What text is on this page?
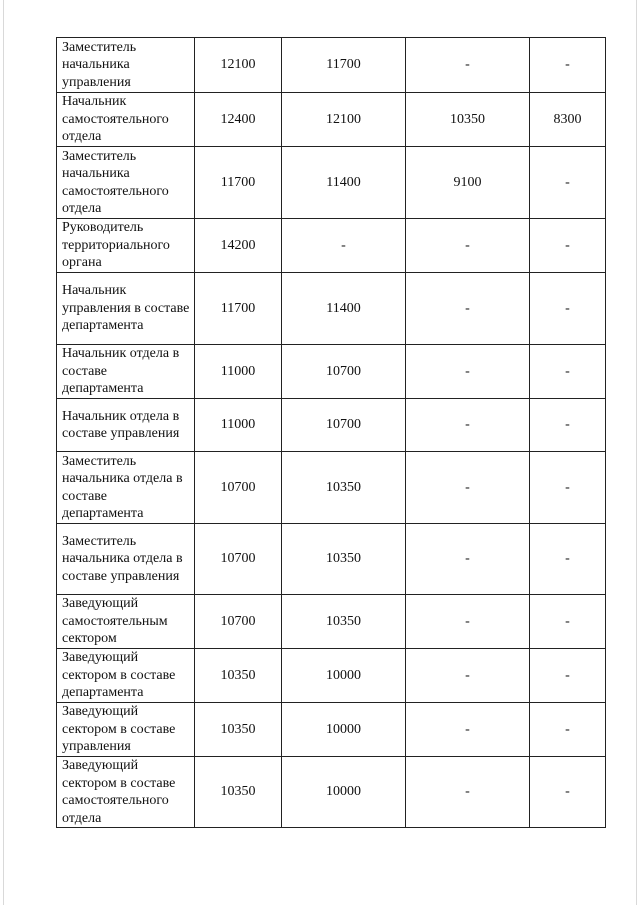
Заместитель начальника управления	12100	11700	-	-
Начальник самостоятельного отдела	12400	12100	10350	8300
Заместитель начальника самостоятельного отдела	11700	11400	9100	-
Руководитель территориального органа	14200	-	-	-
Начальник управления в составе департамента	11700	11400	-	-
Начальник отдела в составе департамента	11000	10700	-	-
Начальник отдела в составе управления	11000	10700	-	-
Заместитель начальника отдела в составе департамента	10700	10350	-	-
Заместитель начальника отдела в составе управления	10700	10350	-	-
Заведующий самостоятельным сектором	10700	10350	-	-
Заведующий сектором в составе департамента	10350	10000	-	-
Заведующий сектором в составе управления	10350	10000	-	-
Заведующий сектором в составе самостоятельного отдела	10350	10000	-	-
